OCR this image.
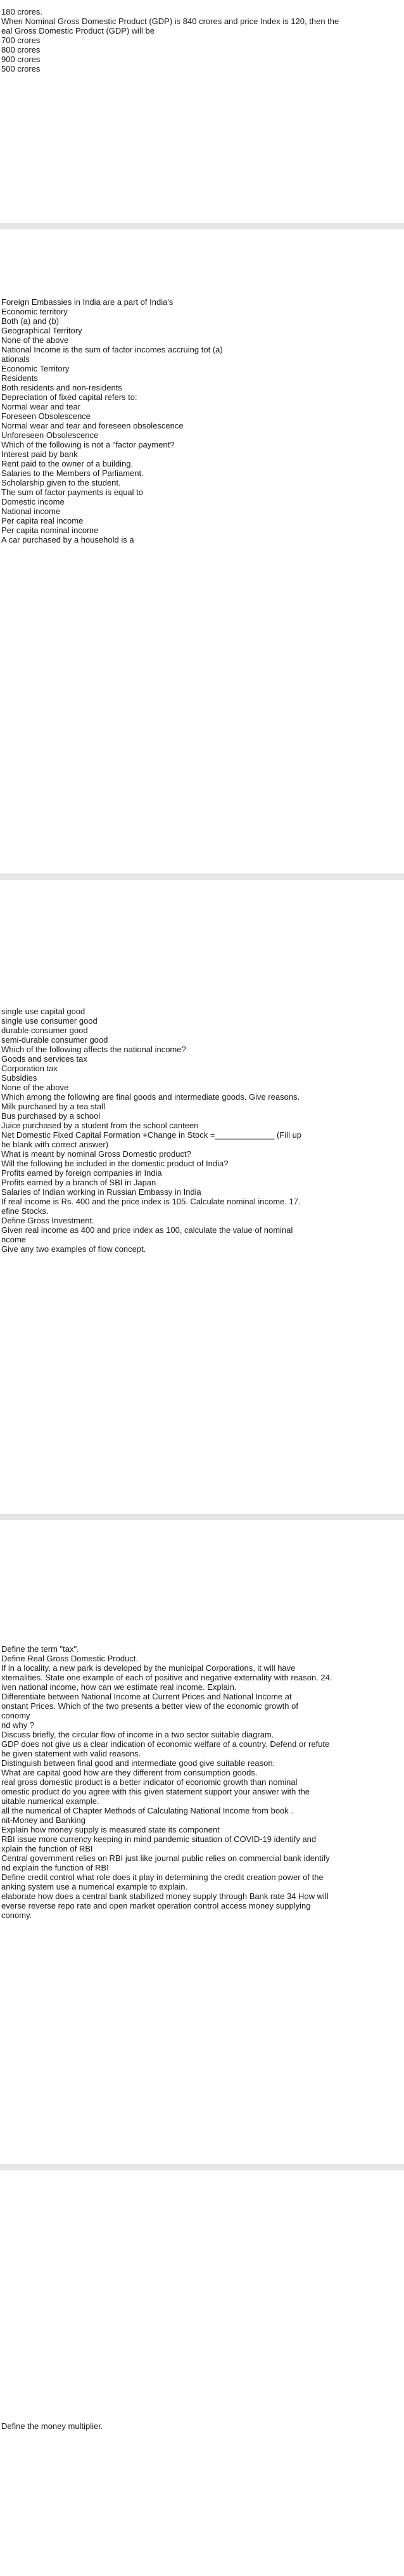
180 crores.
When Nominal Gross Domestic Product (GDP) is 840 crores and price Index is 120, then the
eal Gross Domestic Product (GDP) will be
700 crores
800 crores
900 crores
500 crores
Foreign Embassies in India are a part of India's
Economic territory
Both (a) and (b)
Geographical Territory
None of the above
National Income is the sum of factor incomes accruing tot (a)
ationals
Economic Territory
Residents
Both residents and non-residents
Depreciation of fixed capital refers to:
Normal wear and tear
Foreseen Obsolescence
Normal wear and tear and foreseen obsolescence
Unforeseen Obsolescence
Which of the following is not a "factor payment?
Interest paid by bank
Rent paid to the owner of a building.
Salaries to the Members of Parliament.
Scholarship given to the student.
The sum of factor payments is equal to
Domestic income
National income
Per capita real income
Per capita nominal income
A car purchased by a household is a
single use capital good
single use consumer good
durable consumer good
semi-durable consumer good
Which of the following affects the national income?
Goods and services tax
Corporation tax
Subsidies
None of the above
Which among the following are final goods and intermediate goods. Give reasons.
Milk purchased by a tea stall
Bus purchased by a school
Juice purchased by a student from the school canteen
Net Domestic Fixed Capital Formation +Change in Stock =_____________ (Fill up
he blank with correct answer)
What is meant by nominal Gross Domestic product?
Will the following be included in the domestic product of India?
Profits earned by foreign companies in India
Profits earned by a branch of SBI in Japan
Salaries of Indian working in Russian Embassy in India
If real income is Rs. 400 and the price index is 105. Calculate nominal income. 17.
efine Stocks.
Define Gross Investment.
Given real income as 400 and price index as 100, calculate the value of nominal
ncome
Give any two examples of flow concept.
Define the term "tax".
Define Real Gross Domestic Product.
If in a locality, a new park is developed by the municipal Corporations, it will have
xternalities. State one example of each of positive and negative externality with reason. 24.
iven national income, how can we estimate real income. Explain.
Differentiate between National Income at Current Prices and National Income at
onstant Prices. Which of the two presents a better view of the economic growth of
conomy
nd why ?
Discuss briefly, the circular flow of income in a two sector suitable diagram.
GDP does not give us a clear indication of economic welfare of a country. Defend or refute
he given statement with valid reasons.
Distinguish between final good and intermediate good give suitable reason.
What are capital good how are they different from consumption goods.
real gross domestic product is a better indicator of economic growth than nominal
omestic product do you agree with this given statement support your answer with the
uitable numerical example.
all the numerical of Chapter Methods of Calculating National Income from book .
nit-Money and Banking
Explain how money supply is measured state its component
RBI issue more currency keeping in mind pandemic situation of COVID-19 identify and
xplain the function of RBI
Central government relies on RBI just like journal public relies on commercial bank identify
nd explain the function of RBI
Define credit control what role does it play in determining the credit creation power of the
anking system use a numerical example to explain.
elaborate how does a central bank stabilized money supply through Bank rate 34 How will
everse reverse repo rate and open market operation control access money supplying
conomy.
Define the money multiplier.
